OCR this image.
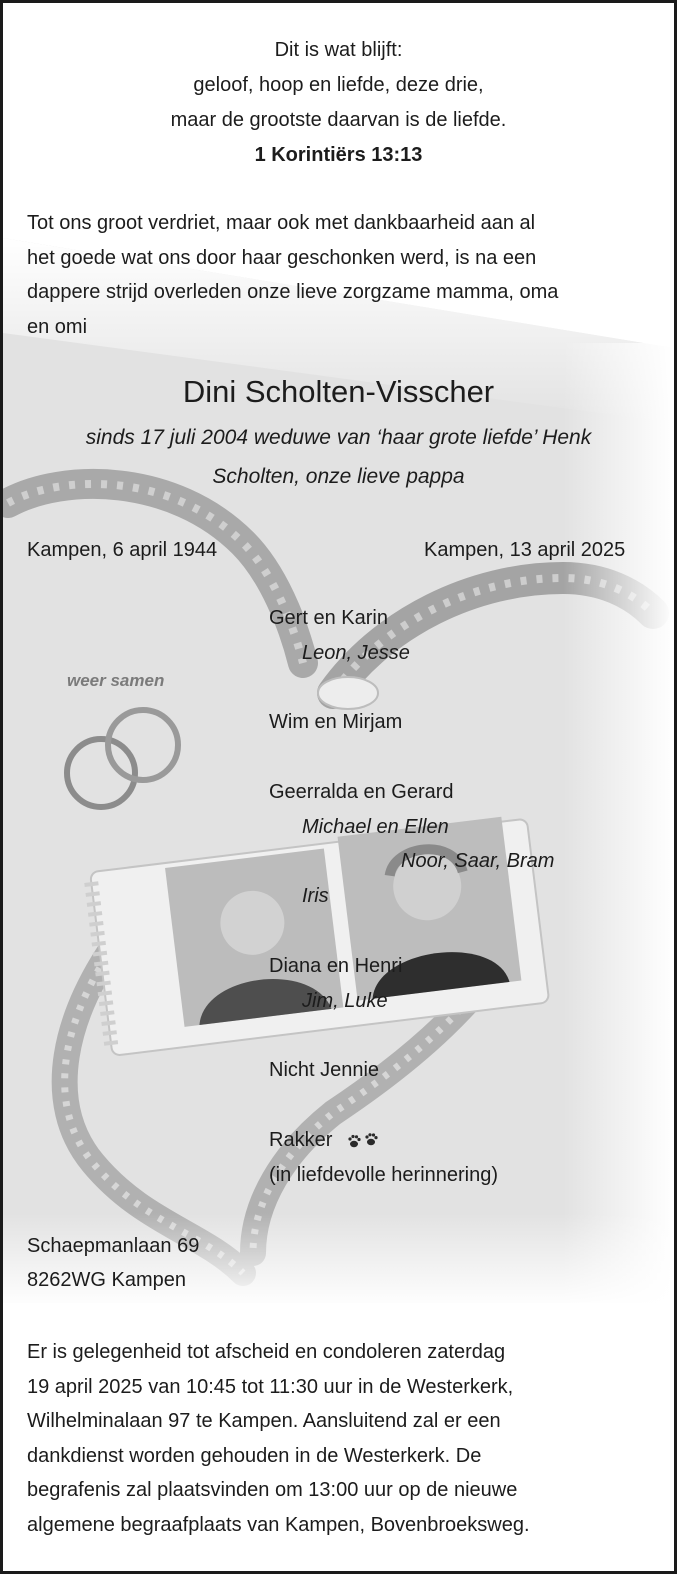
Dit is wat blijft:
geloof, hoop en liefde, deze drie,
maar de grootste daarvan is de liefde.
1 Korintiërs 13:13
Tot ons groot verdriet, maar ook met dankbaarheid aan al
het goede wat ons door haar geschonken werd, is na een
dappere strijd overleden onze lieve zorgzame mamma, oma
en omi
Dini Scholten-Visscher
sinds 17 juli 2004 weduwe van ‘haar grote liefde’ Henk
Scholten, onze lieve pappa
Kampen, 6 april 1944	Kampen, 13 april 2025
Gert en Karin
Leon, Jesse
weer samen
Wim en Mirjam
Geerralda en Gerard
Michael en Ellen
Noor, Saar, Bram
Iris
Diana en Henri
Jim, Luke
Nicht Jennie
Rakker
(in liefdevolle herinnering)
Schaepmanlaan 69
8262WG Kampen
Er is gelegenheid tot afscheid en condoleren zaterdag
19 april 2025 van 10:45 tot 11:30 uur in de Westerkerk,
Wilhelminalaan 97 te Kampen. Aansluitend zal er een
dankdienst worden gehouden in de Westerkerk. De
begrafenis zal plaatsvinden om 13:00 uur op de nieuwe
algemene begraafplaats van Kampen, Bovenbroeksweg.
